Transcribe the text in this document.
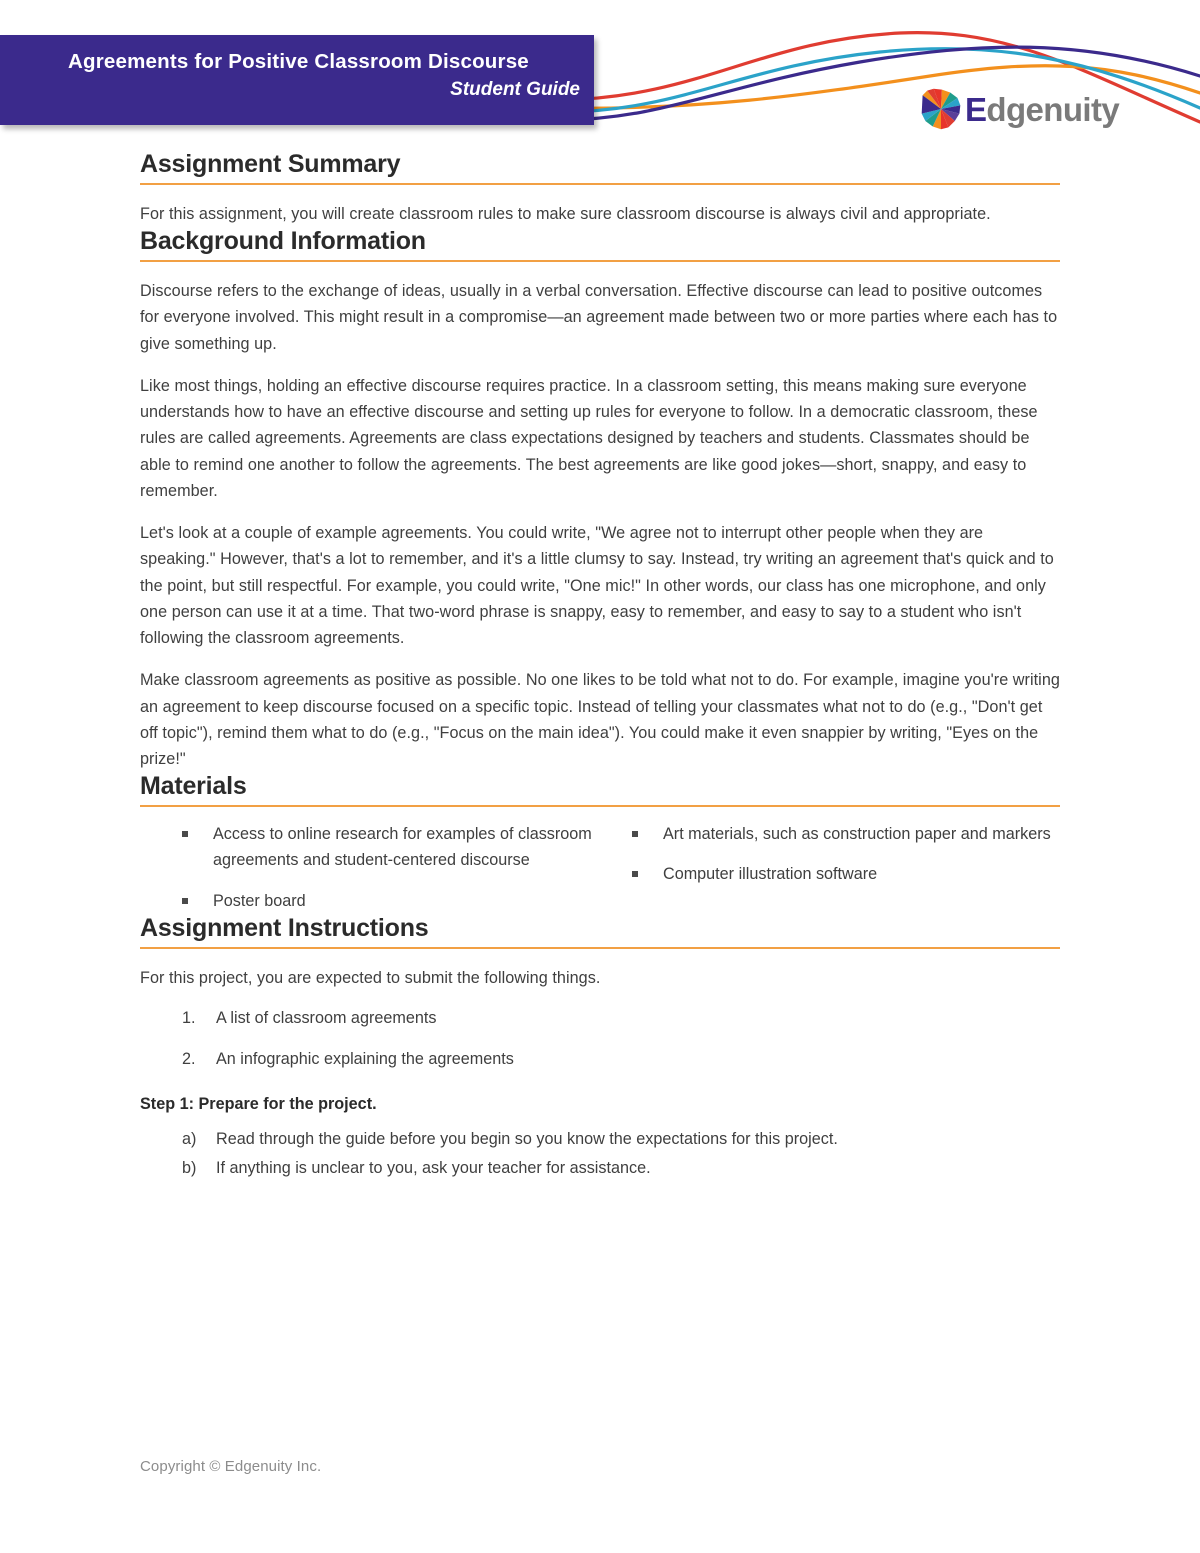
Agreements for Positive Classroom Discourse
Student Guide
Edgenuity
Assignment Summary

For this assignment, you will create classroom rules to make sure classroom discourse is always civil and appropriate.

Background Information

Discourse refers to the exchange of ideas, usually in a verbal conversation. Effective discourse can lead to positive outcomes for everyone involved. This might result in a compromise—an agreement made between two or more parties where each has to give something up.

Like most things, holding an effective discourse requires practice. In a classroom setting, this means making sure everyone understands how to have an effective discourse and setting up rules for everyone to follow. In a democratic classroom, these rules are called agreements. Agreements are class expectations designed by teachers and students. Classmates should be able to remind one another to follow the agreements. The best agreements are like good jokes—short, snappy, and easy to remember.

Let's look at a couple of example agreements. You could write, "We agree not to interrupt other people when they are speaking." However, that's a lot to remember, and it's a little clumsy to say. Instead, try writing an agreement that's quick and to the point, but still respectful. For example, you could write, "One mic!" In other words, our class has one microphone, and only one person can use it at a time. That two-word phrase is snappy, easy to remember, and easy to say to a student who isn't following the classroom agreements.

Make classroom agreements as positive as possible. No one likes to be told what not to do. For example, imagine you're writing an agreement to keep discourse focused on a specific topic. Instead of telling your classmates what not to do (e.g., "Don't get off topic"), remind them what to do (e.g., "Focus on the main idea"). You could make it even snappier by writing, "Eyes on the prize!"

Materials
Access to online research for examples of classroom agreements and student-centered discourse
Poster board
Art materials, such as construction paper and markers
Computer illustration software
Assignment Instructions

For this project, you are expected to submit the following things.

1. A list of classroom agreements
2. An infographic explaining the agreements

Step 1: Prepare for the project.

a) Read through the guide before you begin so you know the expectations for this project.
b) If anything is unclear to you, ask your teacher for assistance.

Copyright © Edgenuity Inc.
